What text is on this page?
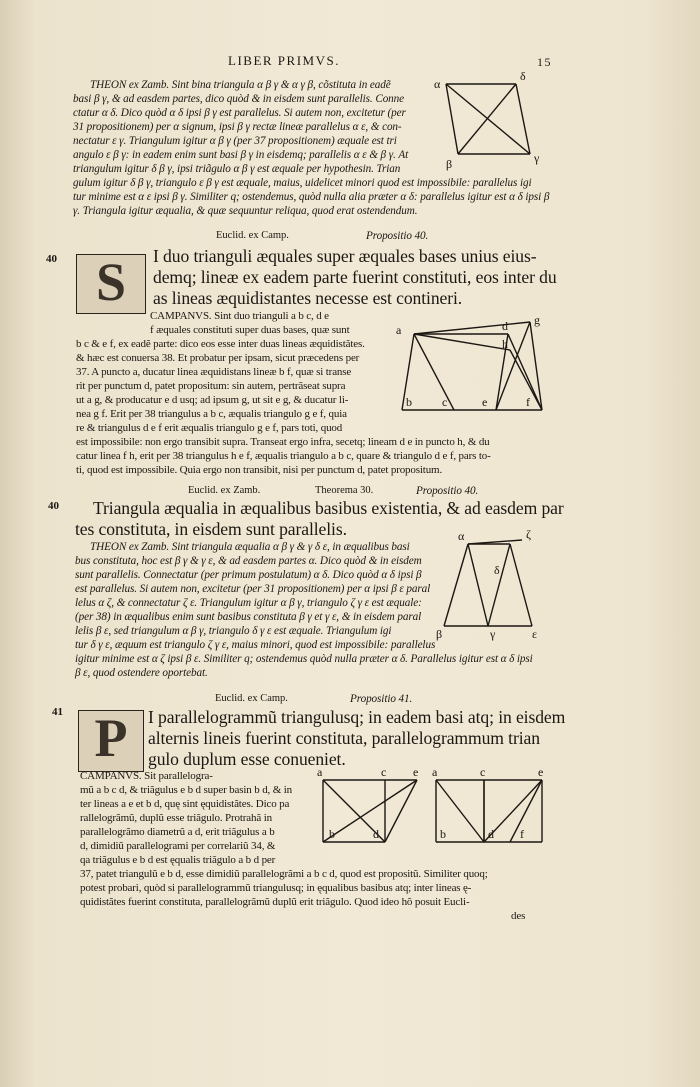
LIBER PRIMVS.	15

THEON ex Zamb. Sint bina triangula α β γ & α γ β, cõstituta in eadẽ

basi β γ, & ad easdem partes, dico quòd & in eisdem sunt parallelis. Conne

ctatur α δ. Dico quòd α δ ipsi β γ est parallelus. Si autem non, excitetur (per

31 propositionem) per α signum, ipsi β γ rectæ lineæ parallelus α ε, & con-

nectatur ε γ. Triangulum igitur α β γ (per 37 propositionem) æquale est tri

angulo ε β γ: in eadem enim sunt basi β γ in eisdemq; parallelis α ε & β γ. At

triangulum igitur δ β γ, ipsi triãgulo α β γ est æquale per hypothesin. Trian

gulum igitur δ β γ, triangulo ε β γ est æquale, maius, uidelicet minori quod est impossibile: parallelus igi

tur minime est α ε ipsi β γ. Similiter q; ostendemus, quòd nulla alia præter α δ: parallelus igitur est α δ ipsi β

γ. Triangula igitur æqualia, & quæ sequuntur reliqua, quod erat ostendendum.

α
δ
β	γ

Euclid. ex Camp.	Propositio 40.

40

40

41

S	I duo trianguli æquales super æquales bases unius eius-

demq; lineæ ex eadem parte fuerint constituti, eos inter du

as lineas æquidistantes necesse est contineri.

CAMPANVS. Sint duo trianguli a b c, d e

f æquales constituti super duas bases, quæ sunt

b c & e f, ex eadẽ parte: dico eos esse inter duas lineas æquidistãtes.

& hæc est conuersa 38. Et probatur per ipsam, sicut præcedens per

37. A puncto a, ducatur linea æquidistans lineæ b f, quæ si transe

rit per punctum d, patet propositum: sin autem, pertrãseat supra

ut a g, & producatur e d usq; ad ipsum g, ut sit e g, & ducatur li-

nea g f. Erit per 38 triangulus a b c, æqualis triangulo g e f, quia

re & triangulus d e f erit æqualis triangulo g e f, pars toti, quod

est impossibile: non ergo transibit supra. Transeat ergo infra, secetq; lineam d e in puncto h, & du

catur linea f h, erit per 38 triangulus h e f, æqualis triangulo a b c, quare & triangulo d e f, pars to-

ti, quod est impossibile. Quia ergo non transibit, nisi per punctum d, patet propositum.

a	d g
h
b	c	e	f

Euclid. ex Zamb.	Theorema 30.	Propositio 40.

Triangula æqualia in æqualibus basibus existentia, & ad easdem par

tes constituta, in eisdem sunt parallelis.

THEON ex Zamb. Sint triangula æqualia α β γ & γ δ ε, in æqualibus basi

bus constituta, hoc est β γ & γ ε, & ad easdem partes α. Dico quòd & in eisdem

sunt parallelis. Connectatur (per primum postulatum) α δ. Dico quòd α δ ipsi β

est parallelus. Si autem non, excitetur (per 31 propositionem) per α ipsi β ε paral

lelus α ζ, & connectatur ζ ε. Triangulum igitur α β γ, triangulo ζ γ ε est æquale:

(per 38) in æqualibus enim sunt basibus constituta β γ et γ ε, & in eisdem paral

lelis β ε, sed triangulum α β γ, triangulo δ γ ε est æquale. Triangulum igi

tur δ γ ε, æquum est triangulo ζ γ ε, maius minori, quod est impossibile: parallelus

igitur minime est α ζ ipsi β ε. Similiter q; ostendemus quòd nulla præter α δ. Parallelus igitur est α δ ipsi

β ε, quod ostendere oportebat.

α
δ
ζ
β	γ	ε

Euclid. ex Camp.	Propositio 41.

P	I parallelogrammũ triangulusq; in eadem basi atq; in eisdem

alternis lineis fuerint constituta, parallelogrammum trian

gulo duplum esse conueniet.

CAMPANVS. Sit parallelogra-

mũ a b c d, & triãgulus e b d super basin b d, & in

ter lineas a e et b d, quę sint ęquidistãtes. Dico pa

rallelogrãmũ, duplũ esse triãgulo. Protrahã in

parallelogrãmo diametrũ a d, erit triãgulus a b

d, dimidiũ parallelogrami per correlariũ 34, &

qa triãgulus e b d est ęqualis triãgulo a b d per

37, patet triangulũ e b d, esse dimidiũ parallelogrãmi a b c d, quod est propositũ. Similiter quoq;

potest probari, quòd si parallelogrammũ triangulusq; in ęqualibus basibus atq; inter lineas ę-

quidistãtes fuerint constituta, parallelogrãmũ duplũ erit triãgulo. Quod ideo hõ posuit Eucli-

des

a	c e
b	d
a	c	e
b	d f
